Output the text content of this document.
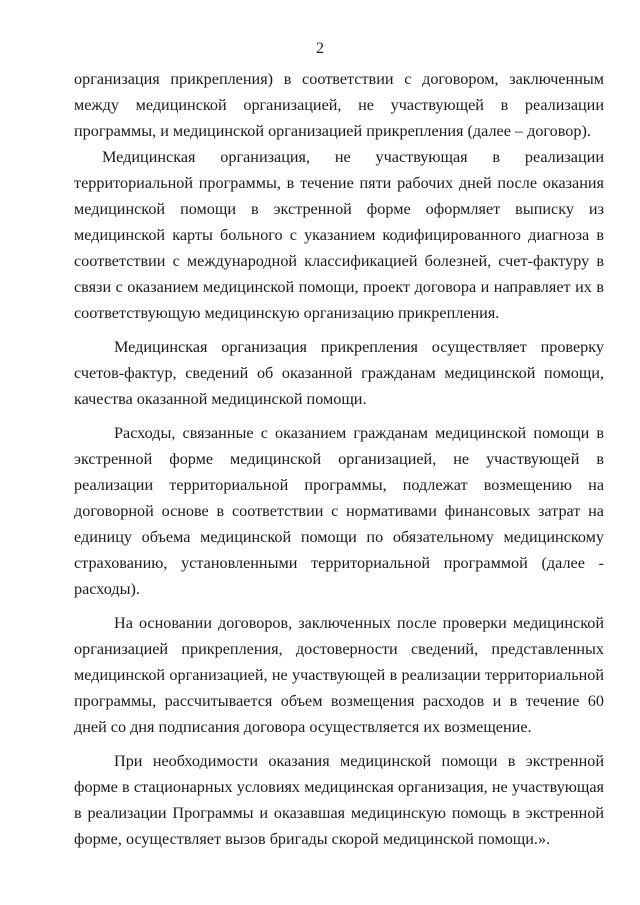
2

организация прикрепления) в соответствии с договором, заключенным между медицинской организацией, не участвующей в реализации программы, и медицинской организацией прикрепления (далее – договор).

Медицинская организация, не участвующая в реализации территориальной программы, в течение пяти рабочих дней после оказания медицинской помощи в экстренной форме оформляет выписку из медицинской карты больного с указанием кодифицированного диагноза в соответствии с международной классификацией болезней, счет-фактуру в связи с оказанием медицинской помощи, проект договора и направляет их в соответствующую медицинскую организацию прикрепления.

Медицинская организация прикрепления осуществляет проверку счетов-фактур, сведений об оказанной гражданам медицинской помощи, качества оказанной медицинской помощи.

Расходы, связанные с оказанием гражданам медицинской помощи в экстренной форме медицинской организацией, не участвующей в реализации территориальной программы, подлежат возмещению на договорной основе в соответствии с нормативами финансовых затрат на единицу объема медицинской помощи по обязательному медицинскому страхованию, установленными территориальной программой (далее - расходы).

На основании договоров, заключенных после проверки медицинской организацией прикрепления, достоверности сведений, представленных медицинской организацией, не участвующей в реализации территориальной программы, рассчитывается объем возмещения расходов и в течение 60 дней со дня подписания договора осуществляется их возмещение.

При необходимости оказания медицинской помощи в экстренной форме в стационарных условиях медицинская организация, не участвующая в реализации Программы и оказавшая медицинскую помощь в экстренной форме, осуществляет вызов бригады скорой медицинской помощи.».
